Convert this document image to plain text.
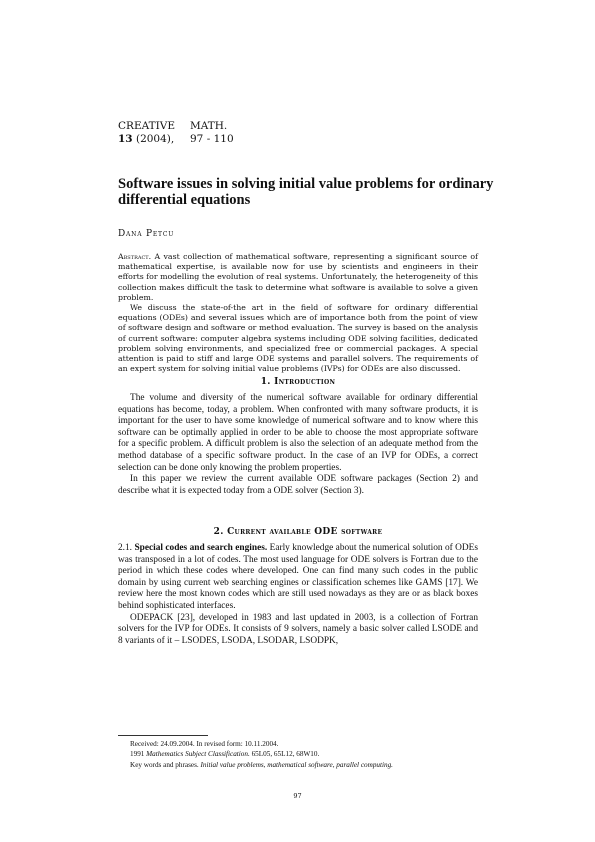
CREATIVE	MATH.
13 (2004),	97 - 110
Software issues in solving initial value problems for ordinary differential equations
Dana Petcu

Abstract. A vast collection of mathematical software, representing a significant source of mathematical expertise, is available now for use by scientists and engineers in their efforts for modelling the evolution of real systems. Unfortunately, the heterogeneity of this collection makes difficult the task to determine what software is available to solve a given problem.

We discuss the state-of-the art in the field of software for ordinary differential equations (ODEs) and several issues which are of importance both from the point of view of software design and software or method evaluation. The survey is based on the analysis of current software: computer algebra systems including ODE solving facilities, dedicated problem solving environments, and specialized free or commercial packages. A special attention is paid to stiff and large ODE systems and parallel solvers. The requirements of an expert system for solving initial value problems (IVPs) for ODEs are also discussed.

1. Introduction

The volume and diversity of the numerical software available for ordinary differential equations has become, today, a problem. When confronted with many software products, it is important for the user to have some knowledge of numerical software and to know where this software can be optimally applied in order to be able to choose the most appropriate software for a specific problem. A difficult problem is also the selection of an adequate method from the method database of a specific software product. In the case of an IVP for ODEs, a correct selection can be done only knowing the problem properties.

In this paper we review the current available ODE software packages (Section 2) and describe what it is expected today from a ODE solver (Section 3).

2. Current available ODE software

2.1. Special codes and search engines. Early knowledge about the numerical solution of ODEs was transposed in a lot of codes. The most used language for ODE solvers is Fortran due to the period in which these codes where developed. One can find many such codes in the public domain by using current web searching engines or classification schemes like GAMS [17]. We review here the most known codes which are still used nowadays as they are or as black boxes behind sophisticated interfaces.

ODEPACK [23], developed in 1983 and last updated in 2003, is a collection of Fortran solvers for the IVP for ODEs. It consists of 9 solvers, namely a basic solver called LSODE and 8 variants of it – LSODES, LSODA, LSODAR, LSODPK,

Received: 24.09.2004. In revised form: 10.11.2004.
1991 Mathematics Subject Classification. 65L05, 65L12, 68W10.
Key words and phrases. Initial value problems, mathematical software, parallel computing.
97
